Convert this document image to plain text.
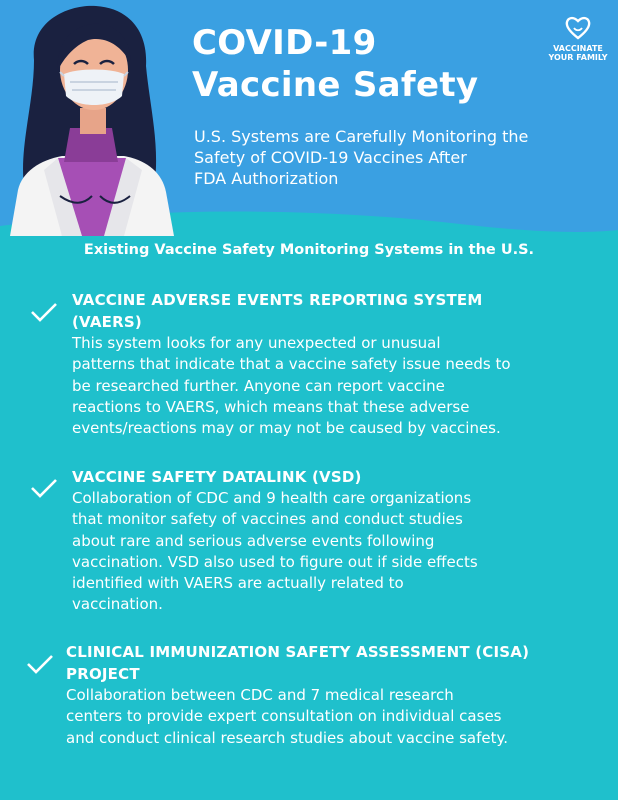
COVID-19
Vaccine Safety

U.S. Systems are Carefully Monitoring the
Safety of COVID-19 Vaccines After
FDA Authorization

VACCINATE
YOUR FAMILY
Existing Vaccine Safety Monitoring Systems in the U.S.
VACCINE ADVERSE EVENTS REPORTING SYSTEM
(VAERS)
This system looks for any unexpected or unusual
patterns that indicate that a vaccine safety issue needs to
be researched further. Anyone can report vaccine
reactions to VAERS, which means that these adverse
events/reactions may or may not be caused by vaccines.
VACCINE SAFETY DATALINK (VSD)
Collaboration of CDC and 9 health care organizations
that monitor safety of vaccines and conduct studies
about rare and serious adverse events following
vaccination. VSD also used to figure out if side effects
identified with VAERS are actually related to
vaccination.
CLINICAL IMMUNIZATION SAFETY ASSESSMENT (CISA)
PROJECT
Collaboration between CDC and 7 medical research
centers to provide expert consultation on individual cases
and conduct clinical research studies about vaccine safety.
